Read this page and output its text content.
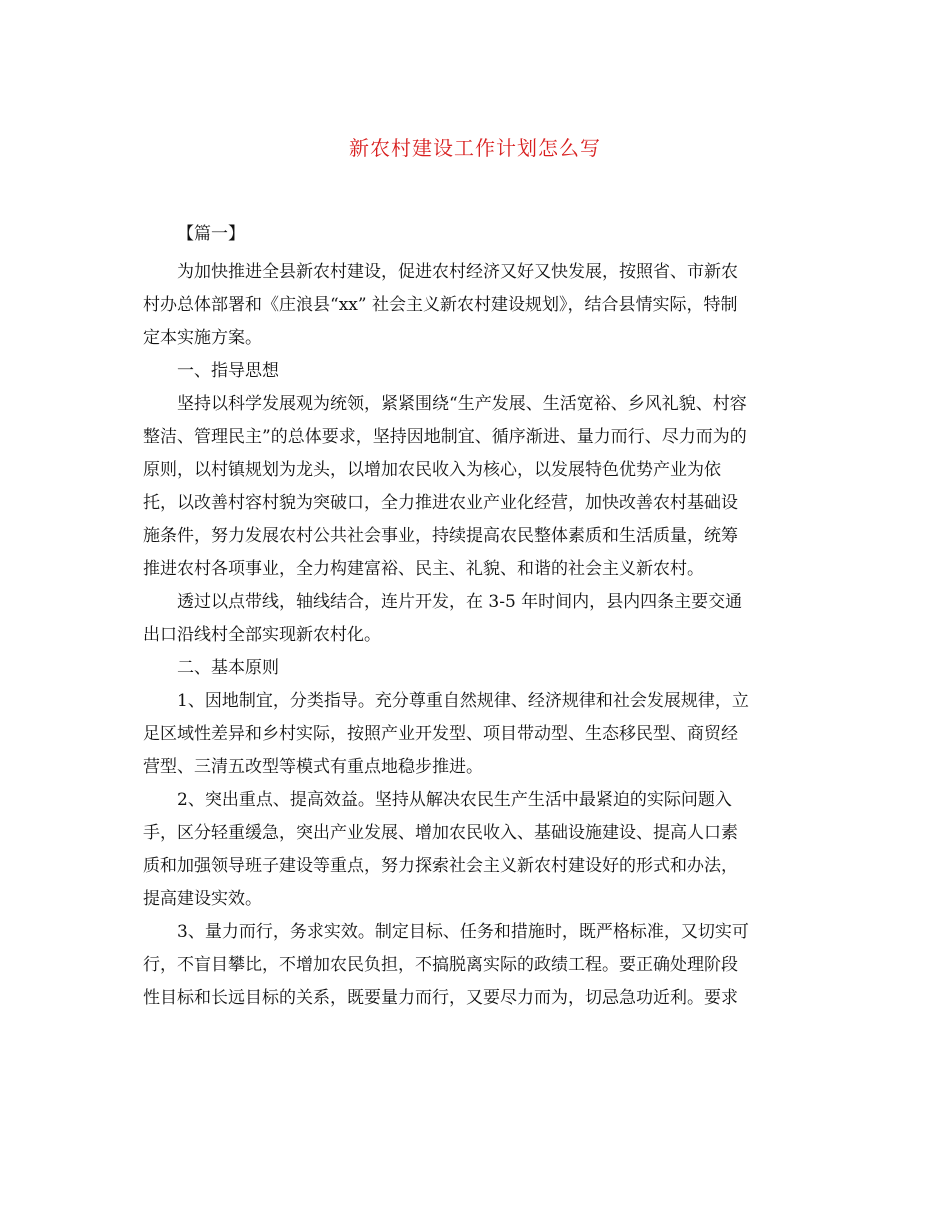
新农村建设工作计划怎么写
【篇一】
为加快推进全县新农村建设，促进农村经济又好又快发展，按照省、市新农
村办总体部署和《庄浪县“xx” 社会主义新农村建设规划》，结合县情实际，特制
定本实施方案。
一、指导思想
坚持以科学发展观为统领，紧紧围绕“生产发展、生活宽裕、乡风礼貌、村容
整洁、管理民主”的总体要求，坚持因地制宜、循序渐进、量力而行、尽力而为的
原则，以村镇规划为龙头，以增加农民收入为核心，以发展特色优势产业为依
托，以改善村容村貌为突破口，全力推进农业产业化经营，加快改善农村基础设
施条件，努力发展农村公共社会事业，持续提高农民整体素质和生活质量，统筹
推进农村各项事业，全力构建富裕、民主、礼貌、和谐的社会主义新农村。
透过以点带线，轴线结合，连片开发，在 3-5 年时间内，县内四条主要交通
出口沿线村全部实现新农村化。
二、基本原则
1、因地制宜，分类指导。充分尊重自然规律、经济规律和社会发展规律，立
足区域性差异和乡村实际，按照产业开发型、项目带动型、生态移民型、商贸经
营型、三清五改型等模式有重点地稳步推进。
2、突出重点、提高效益。坚持从解决农民生产生活中最紧迫的实际问题入
手，区分轻重缓急，突出产业发展、增加农民收入、基础设施建设、提高人口素
质和加强领导班子建设等重点，努力探索社会主义新农村建设好的形式和办法，
提高建设实效。
3、量力而行，务求实效。制定目标、任务和措施时，既严格标准，又切实可
行，不盲目攀比，不增加农民负担，不搞脱离实际的政绩工程。要正确处理阶段
性目标和长远目标的关系，既要量力而行，又要尽力而为，切忌急功近利。要求
